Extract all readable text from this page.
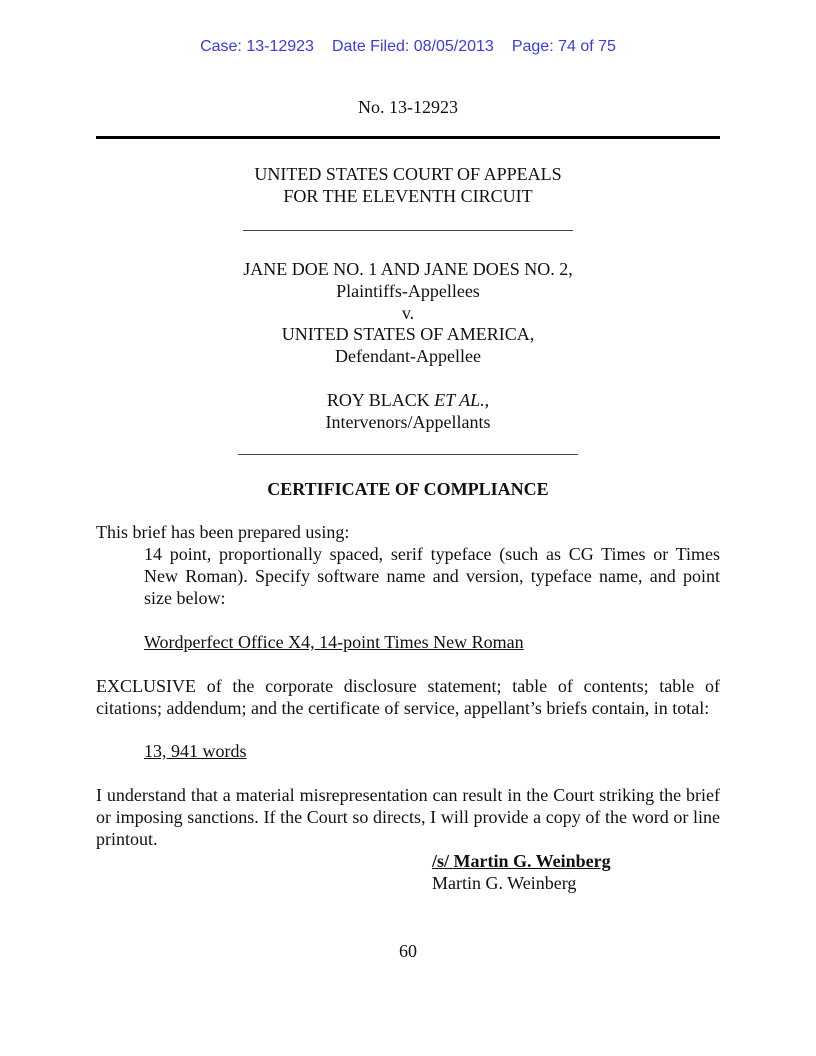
Case: 13-12923 Date Filed: 08/05/2013 Page: 74 of 75
No. 13-12923
UNITED STATES COURT OF APPEALS
FOR THE ELEVENTH CIRCUIT
JANE DOE NO. 1 AND JANE DOES NO. 2,
Plaintiffs-Appellees
v.
UNITED STATES OF AMERICA,
Defendant-Appellee
ROY BLACK ET AL.,
Intervenors/Appellants
CERTIFICATE OF COMPLIANCE
This brief has been prepared using:
14 point, proportionally spaced, serif typeface (such as CG Times or Times New Roman). Specify software name and version, typeface name, and point size below:
Wordperfect Office X4, 14-point Times New Roman
EXCLUSIVE of the corporate disclosure statement; table of contents; table of citations; addendum; and the certificate of service, appellant’s briefs contain, in total:
13, 941 words
I understand that a material misrepresentation can result in the Court striking the brief or imposing sanctions. If the Court so directs, I will provide a copy of the word or line printout.
/s/ Martin G. Weinberg
Martin G. Weinberg
60
